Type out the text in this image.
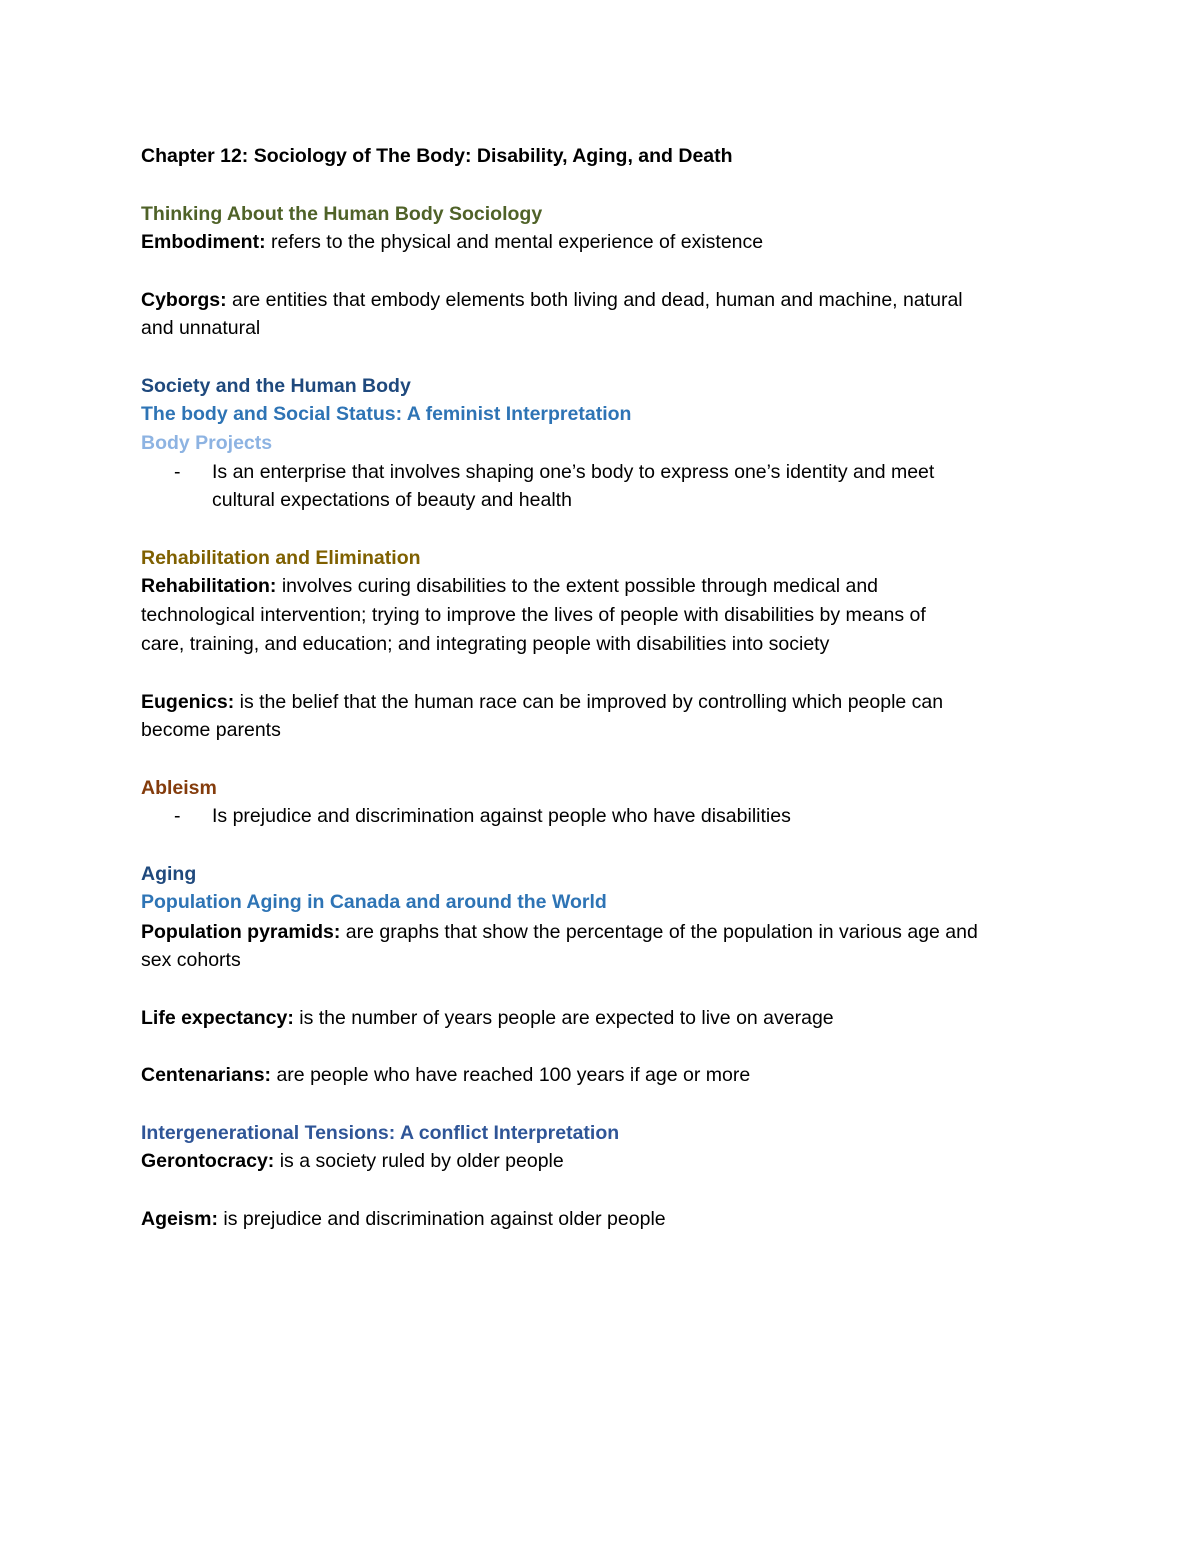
Chapter 12: Sociology of The Body: Disability, Aging, and Death
Thinking About the Human Body Sociology
Embodiment: refers to the physical and mental experience of existence
Cyborgs: are entities that embody elements both living and dead, human and machine, natural
and unnatural
Society and the Human Body
The body and Social Status: A feminist Interpretation
Body Projects
- Is an enterprise that involves shaping one’s body to express one’s identity and meet
cultural expectations of beauty and health
Rehabilitation and Elimination
Rehabilitation: involves curing disabilities to the extent possible through medical and
technological intervention; trying to improve the lives of people with disabilities by means of
care, training, and education; and integrating people with disabilities into society
Eugenics: is the belief that the human race can be improved by controlling which people can
become parents
Ableism
- Is prejudice and discrimination against people who have disabilities
Aging
Population Aging in Canada and around the World
Population pyramids: are graphs that show the percentage of the population in various age and
sex cohorts
Life expectancy: is the number of years people are expected to live on average
Centenarians: are people who have reached 100 years if age or more
Intergenerational Tensions: A conflict Interpretation
Gerontocracy: is a society ruled by older people
Ageism: is prejudice and discrimination against older people
